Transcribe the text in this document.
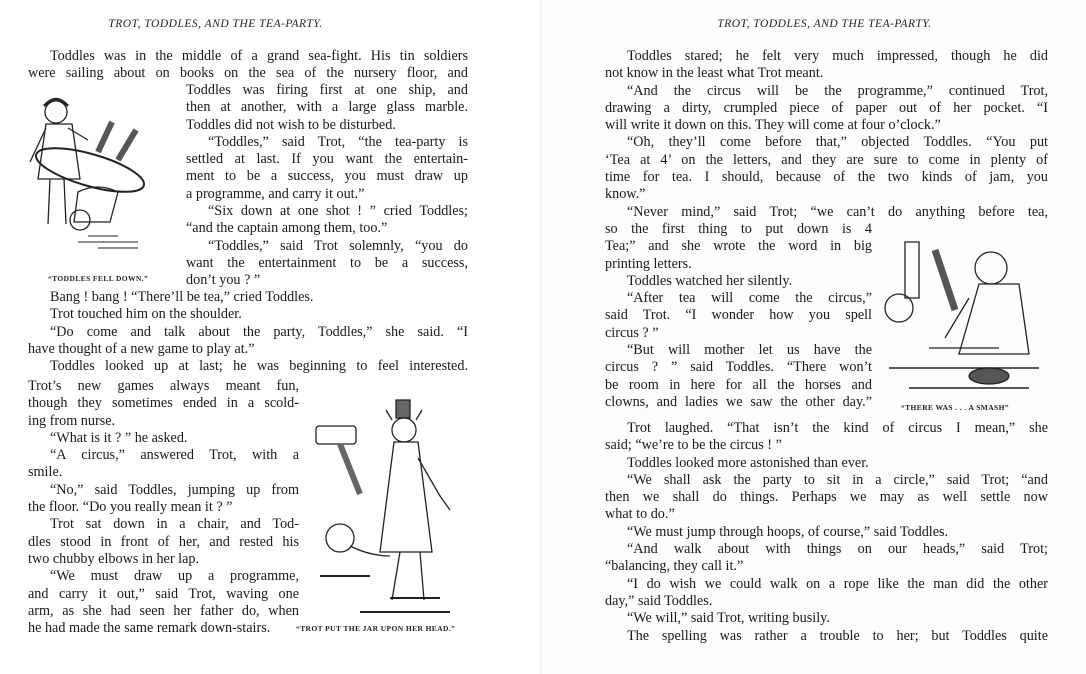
TROT, TODDLES, AND THE TEA-PARTY.
Toddles was in the middle of a grand sea-fight. His tin soldiers
were sailing about on books on the sea of the nursery floor, and
“TODDLES FELL DOWN.”
Toddles was firing first at one ship, and
then at another, with a large glass marble.
Toddles did not wish to be disturbed.
“Toddles,” said Trot, “the tea-party is
settled at last. If you want the entertain-
ment to be a success, you must draw up
a programme, and carry it out.”
“Six down at one shot ! ” cried Toddles;
“and the captain among them, too.”
“Toddles,” said Trot solemnly, “you do
want the entertainment to be a success,
don’t you ? ”
Bang ! bang ! “There’ll be tea,” cried Toddles.
Trot touched him on the shoulder.
“Do come and talk about the party, Toddles,” she said. “I
have thought of a new game to play at.”
Toddles looked up at last; he was beginning to feel interested.
Trot’s new games always meant fun,
though they sometimes ended in a scold-
ing from nurse.
“What is it ? ” he asked.
“A circus,” answered Trot, with a
smile.
“No,” said Toddles, jumping up from
the floor. “Do you really mean it ? ”
Trot sat down in a chair, and Tod-
dles stood in front of her, and rested his
two chubby elbows in her lap.
“We must draw up a programme,
and carry it out,” said Trot, waving one
arm, as she had seen her father do, when
he had made the same remark down-stairs.	“TROT PUT THE JAR UPON HER HEAD.”
TROT, TODDLES, AND THE TEA-PARTY.
Toddles stared; he felt very much impressed, though he did
not know in the least what Trot meant.
“And the circus will be the programme,” continued Trot,
drawing a dirty, crumpled piece of paper out of her pocket. “I
will write it down on this. They will come at four o’clock.”
“Oh, they’ll come before that,” objected Toddles. “You put
‘Tea at 4’ on the letters, and they are sure to come in plenty of
time for tea. I should, because of the two kinds of jam, you
know.”
“Never mind,” said Trot; “we can’t do anything before tea,
so the first thing to put down is 4
Tea;” and she wrote the word in big
printing letters.
Toddles watched her silently.
“After tea will come the circus,”
said Trot. “I wonder how you spell
circus ? ”
“But will mother let us have the
circus ? ” said Toddles. “There won’t
be room in here for all the horses and
clowns, and ladies we saw the other day.”	“THERE WAS . . . A SMASH”
Trot laughed. “That isn’t the kind of circus I mean,” she
said; “we’re to be the circus ! ”
Toddles looked more astonished than ever.
“We shall ask the party to sit in a circle,” said Trot; “and
then we shall do things. Perhaps we may as well settle now
what to do.”
“We must jump through hoops, of course,” said Toddles.
“And walk about with things on our heads,” said Trot;
“balancing, they call it.”
“I do wish we could walk on a rope like the man did the other
day,” said Toddles.
“We will,” said Trot, writing busily.
The spelling was rather a trouble to her; but Toddles quite
